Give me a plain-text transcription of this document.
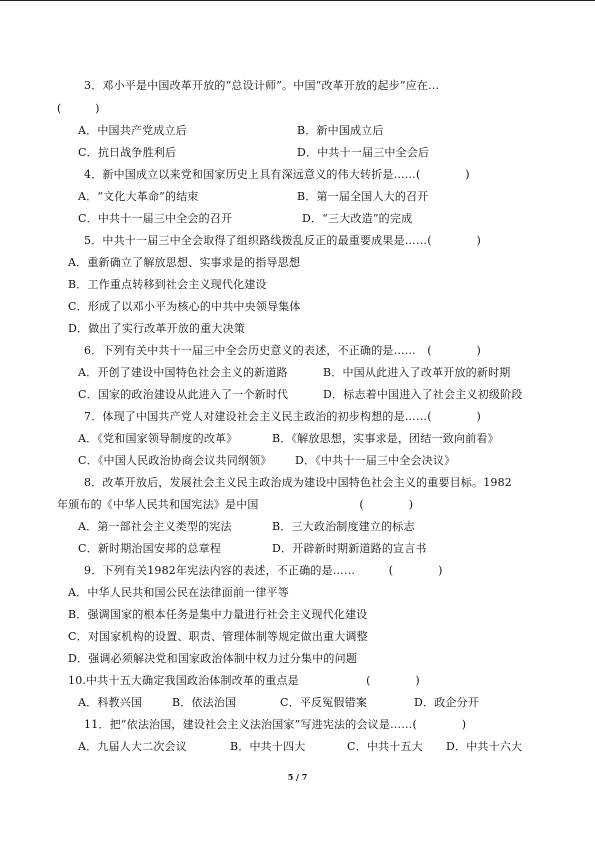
3．邓小平是中国改革开放的“总设计师”。中国“改革开放的起步”应在…
(　　　)
A．中国共产党成立后	B．新中国成立后
C．抗日战争胜利后	D．中共十一届三中全会后
4．新中国成立以来党和国家历史上具有深远意义的伟大转折是……(　　　　)
A．“文化大革命”的结束	B．第一届全国人大的召开
C．中共十一届三中全会的召开	D．“三大改造”的完成
5．中共十一届三中全会取得了组织路线拨乱反正的最重要成果是……(　　　　)
A．重新确立了解放思想、实事求是的指导思想
B．工作重点转移到社会主义现代化建设
C．形成了以邓小平为核心的中共中央领导集体
D．做出了实行改革开放的重大决策
6．下列有关中共十一届三中全会历史意义的表述，不正确的是……　(　　　　)
A．开创了建设中国特色社会主义的新道路	B．中国从此进入了改革开放的新时期
C．国家的政治建设从此进入了一个新时代	D．标志着中国进入了社会主义初级阶段
7．体现了中国共产党人对建设社会主义民主政治的初步构想的是……(　　　　)
A．《党和国家领导制度的改革》	B．《解放思想，实事求是，团结一致向前看》
C．《中国人民政治协商会议共同纲领》 D．《中共十一届三中全会决议》
8．改革开放后，发展社会主义民主政治成为建设中国特色社会主义的重要目标。1982
年颁布的《中华人民共和国宪法》是中国　　　　　　　　　(　　　　)
A．第一部社会主义类型的宪法	B．三大政治制度建立的标志
C．新时期治国安邦的总章程	D．开辟新时期新道路的宣言书
9．下列有关1982年宪法内容的表述，不正确的是……　　　(　　　　)
A．中华人民共和国公民在法律面前一律平等
B．强调国家的根本任务是集中力量进行社会主义现代化建设
C．对国家机构的设置、职责、管理体制等规定做出重大调整
D．强调必须解决党和国家政治体制中权力过分集中的问题
10.中共十五大确定我国政治体制改革的重点是　　　　　　(　　　　)
A．科教兴国	B．依法治国	C．平反冤假错案	D．政企分开
11．把“依法治国，建设社会主义法治国家”写进宪法的会议是……(　　　　)
A．九届人大二次会议	B．中共十四大	C．中共十五大 D．中共十六大
5 / 7
